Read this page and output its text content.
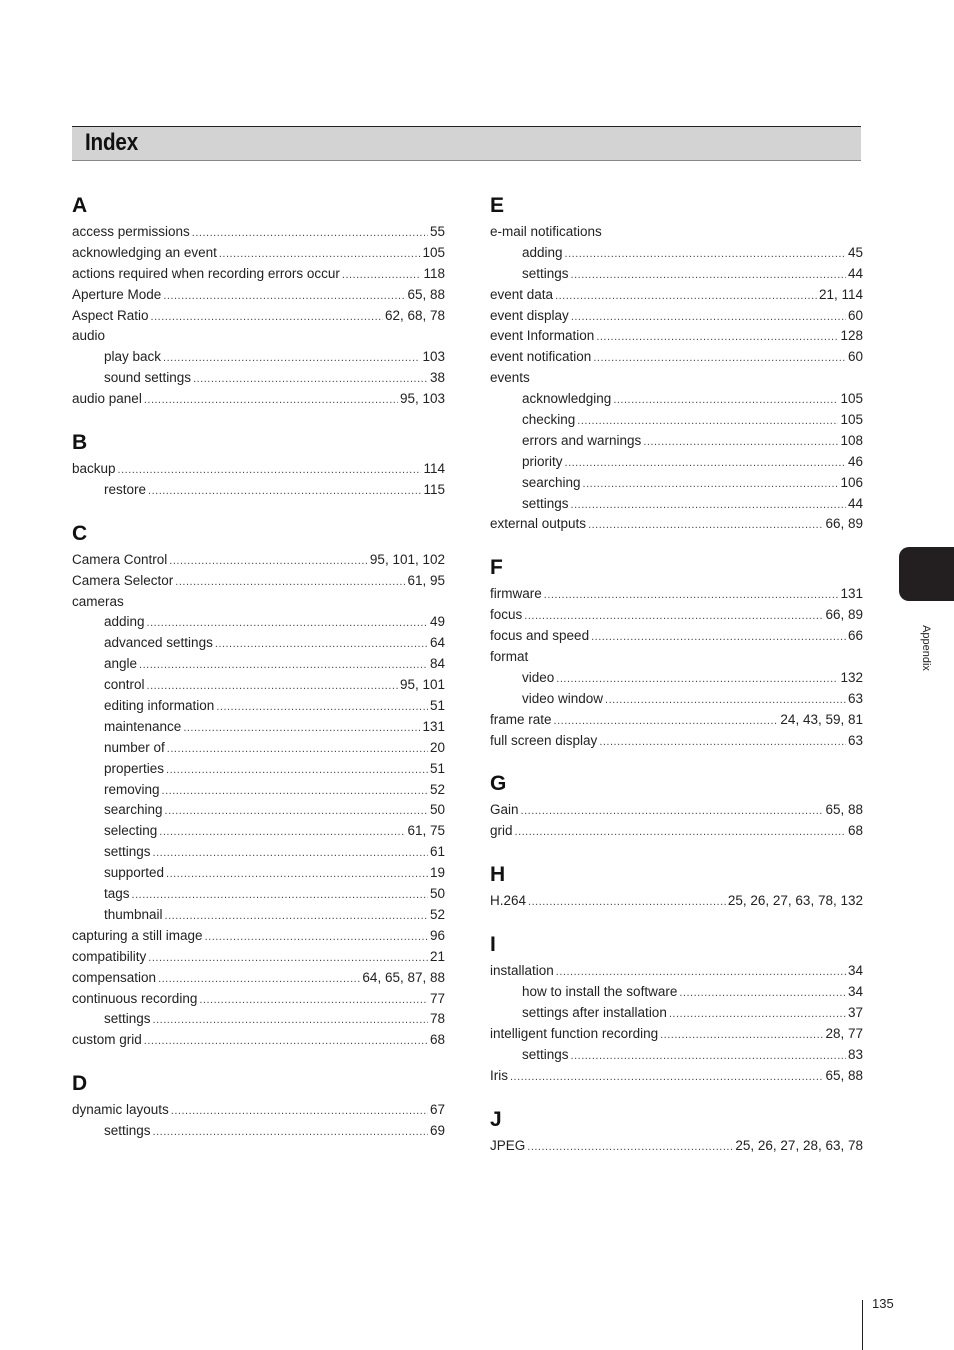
Index
A
access permissions .....	55
acknowledging an event .....	105
actions required when recording errors occur .....	118
Aperture Mode .....	65, 88
Aspect Ratio .....	62, 68, 78
audio
play back .....	103
sound settings .....	38
audio panel .....	95, 103
B
backup .....	114
restore .....	115
C
Camera Control .....	95, 101, 102
Camera Selector .....	61, 95
cameras
adding .....	49
advanced settings .....	64
angle .....	84
control .....	95, 101
editing information .....	51
maintenance .....	131
number of .....	20
properties .....	51
removing .....	52
searching .....	50
selecting .....	61, 75
settings .....	61
supported .....	19
tags .....	50
thumbnail .....	52
capturing a still image .....	96
compatibility .....	21
compensation .....	64, 65, 87, 88
continuous recording .....	77
settings .....	78
custom grid .....	68
D
dynamic layouts .....	67
settings .....	69
E
e-mail notifications
adding .....	45
settings .....	44
event data .....	21, 114
event display .....	60
event Information .....	128
event notification .....	60
events
acknowledging .....	105
checking .....	105
errors and warnings .....	108
priority .....	46
searching .....	106
settings .....	44
external outputs .....	66, 89
F
firmware .....	131
focus .....	66, 89
focus and speed .....	66
format
video .....	132
video window .....	63
frame rate .....	24, 43, 59, 81
full screen display .....	63
G
Gain .....	65, 88
grid .....	68
H
H.264 .....	25, 26, 27, 63, 78, 132
I
installation .....	34
how to install the software .....	34
settings after installation .....	37
intelligent function recording .....	28, 77
settings .....	83
Iris .....	65, 88
J
JPEG .....	25, 26, 27, 28, 63, 78
Appendix
135
